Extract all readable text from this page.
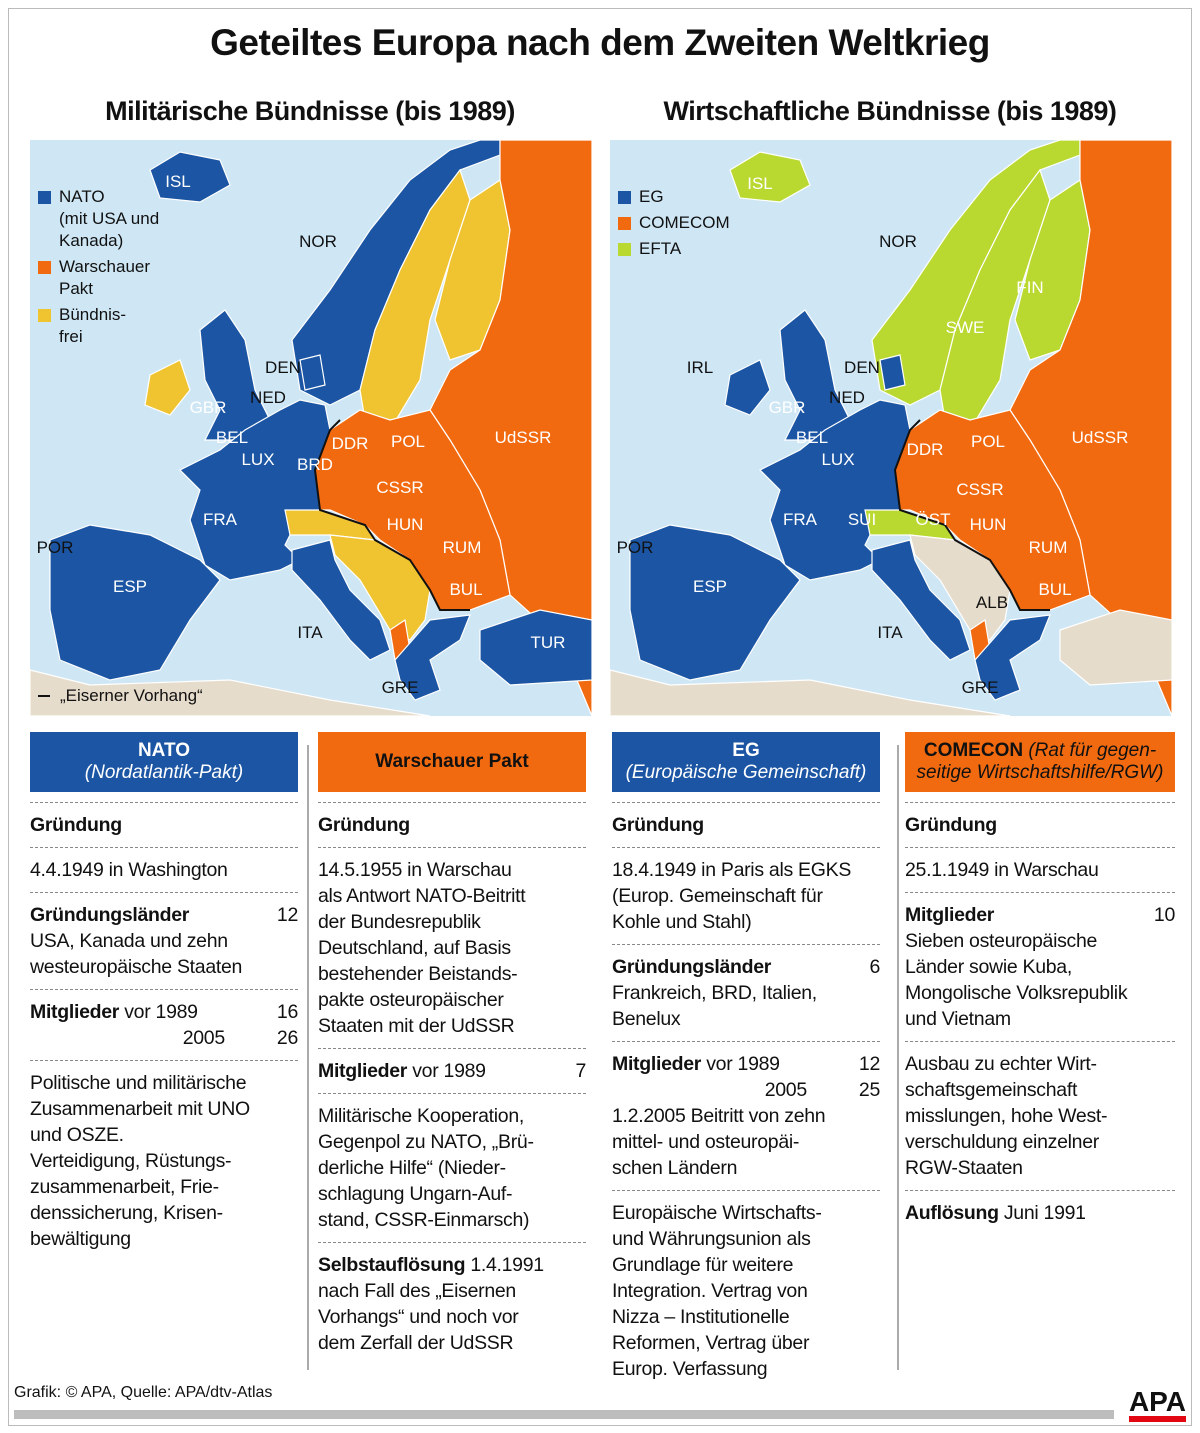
Geteiltes Europa nach dem Zweiten Weltkrieg
Militärische Bündnisse (bis 1989)	Wirtschaftliche Bündnisse (bis 1989)
ISL
NOR
DEN
NED
GBR
BEL
LUX BRD
FRA
POR
ESP
ITA
GRE
TUR
BUL
RUM
HUN
CSSR
DDR POL	UdSSR
NATO
(mit USA und
Kanada)
Warschauer
Pakt
Bündnis-
frei
„Eiserner Vorhang“
ISL
NOR
FIN
SWE
IRL	DEN
NED
GBR
BEL
LUX
FRA SUI ÖST
DDR POL	UdSSR
CSSR
HUN
RUM
BUL
ALB
POR
ESP
ITA
GRE
EG
COMECOM
EFTA
NATO
(Nordatlantik-Pakt)
Gründung
4.4.1949 in Washington
Gründungsländer	12
USA, Kanada und zehn
westeuropäische Staaten
Mitglieder vor 1989	16
2005	26
Politische und militärische
Zusammenarbeit mit UNO
und OSZE.
Verteidigung, Rüstungs-
zusammenarbeit, Frie-
denssicherung, Krisen-
bewältigung
Warschauer Pakt
Gründung
14.5.1955 in Warschau
als Antwort NATO-Beitritt
der Bundesrepublik
Deutschland, auf Basis
bestehender Beistands-
pakte osteuropäischer
Staaten mit der UdSSR
Mitglieder vor 1989	7
Militärische Kooperation,
Gegenpol zu NATO, „Brü-
derliche Hilfe“ (Nieder-
schlagung Ungarn-Auf-
stand, CSSR-Einmarsch)
Selbstauflösung 1.4.1991
nach Fall des „Eisernen
Vorhangs“ und noch vor
dem Zerfall der UdSSR
EG
(Europäische Gemeinschaft)
Gründung
18.4.1949 in Paris als EGKS
(Europ. Gemeinschaft für
Kohle und Stahl)
Gründungsländer	6
Frankreich, BRD, Italien,
Benelux
Mitglieder vor 1989	12
2005	25
1.2.2005 Beitritt von zehn
mittel- und osteuropäi-
schen Ländern
Europäische Wirtschafts-
und Währungsunion als
Grundlage für weitere
Integration. Vertrag von
Nizza – Institutionelle
Reformen, Vertrag über
Europ. Verfassung
COMECON (Rat für gegen-
seitige Wirtschaftshilfe/RGW)
Gründung
25.1.1949 in Warschau
Mitglieder	10
Sieben osteuropäische
Länder sowie Kuba,
Mongolische Volksrepublik
und Vietnam
Ausbau zu echter Wirt-
schaftsgemeinschaft
misslungen, hohe West-
verschuldung einzelner
RGW-Staaten
Auflösung Juni 1991
Grafik: © APA, Quelle: APA/dtv-Atlas	APA
